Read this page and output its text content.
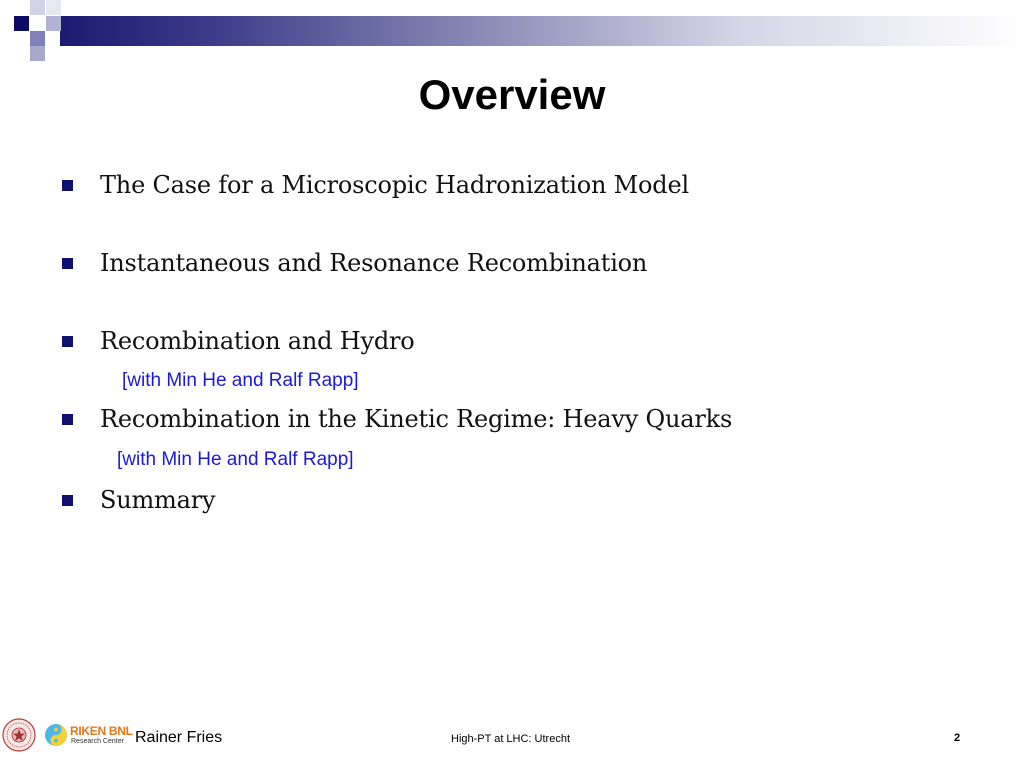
Overview
The Case for a Microscopic Hadronization Model
Instantaneous and Resonance Recombination
Recombination and Hydro
[with Min He and Ralf Rapp]
Recombination in the Kinetic Regime: Heavy Quarks
[with Min He and Ralf Rapp]
Summary
RIKEN BNL
Research Center Rainer Fries	High-PT at LHC: Utrecht	2
